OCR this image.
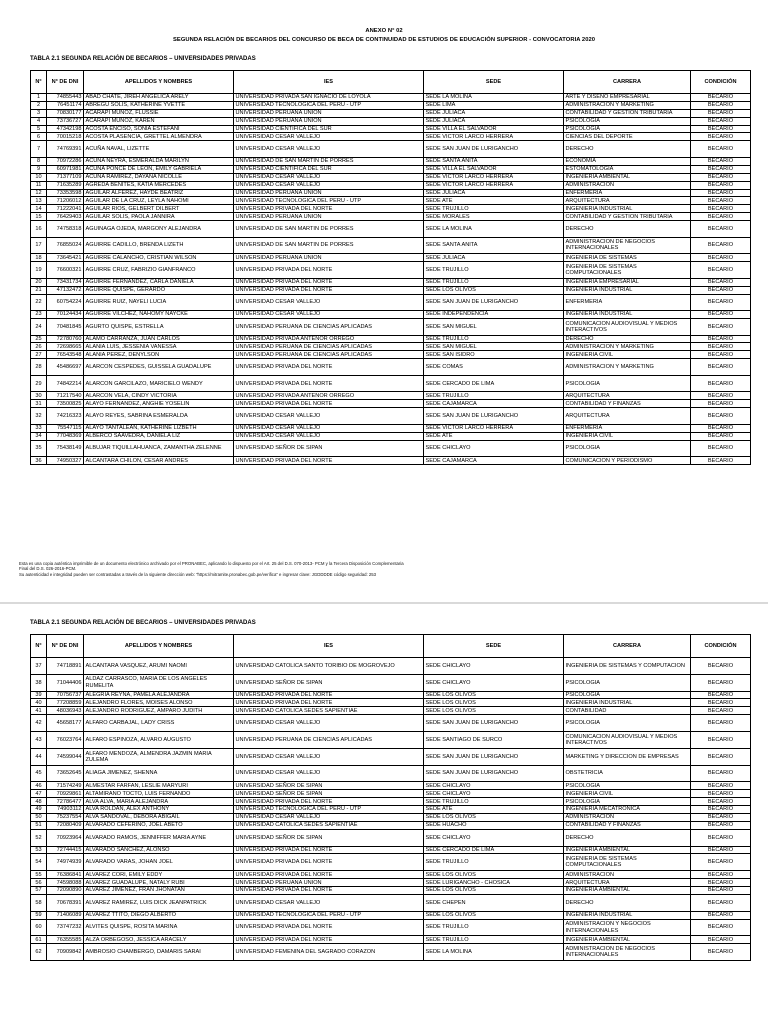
ANEXO N° 02
SEGUNDA RELACIÓN DE BECARIOS DEL CONCURSO DE BECA DE CONTINUIDAD DE ESTUDIOS DE EDUCACIÓN SUPERIOR - CONVOCATORIA 2020
TABLA 2.1 SEGUNDA RELACIÓN DE BECARIOS – UNIVERSIDADES PRIVADAS
N°	N° DE DNI	APELLIDOS Y NOMBRES	IES	SEDE	CARRERA	CONDICIÓN
1	74855443	ABAD CHATE, JIREH ANGELICA ARELY	UNIVERSIDAD PRIVADA SAN IGNACIO DE LOYOLA	SEDE LA MOLINA	ARTE Y DISEÑO EMPRESARIAL	BECARIO
2	76451174	ABREGU SOLIS, KATHERINE YVETTE	UNIVERSIDAD TECNOLOGICA DEL PERU - UTP	SEDE LIMA	ADMINISTRACION Y MARKETING	BECARIO
3	70830177	ACARAPI MUÑOZ, FLUSSIE	UNIVERSIDAD PERUANA UNION	SEDE JULIACA	CONTABILIDAD Y GESTION TRIBUTARIA	BECARIO
4	73736727	ACARAPI MUÑOZ, KAREN	UNIVERSIDAD PERUANA UNION	SEDE JULIACA	PSICOLOGIA	BECARIO
5	47342198	ACOSTA ENCISO, SONIA ESTEFANI	UNIVERSIDAD CIENTIFICA DEL SUR	SEDE VILLA EL SALVADOR	PSICOLOGIA	BECARIO
6	70015218	ACOSTA PLASENCIA, GRETTEL ALMENDRA	UNIVERSIDAD CESAR VALLEJO	SEDE VICTOR LARCO HERRERA	CIENCIAS DEL DEPORTE	BECARIO
7	74769391	ACUÑA NAVAL, LIZETTE	UNIVERSIDAD CESAR VALLEJO	SEDE SAN JUAN DE LURIGANCHO	DERECHO	BECARIO
8	70972286	ACUÑA NEYRA, ESMERALDA MARILYN	UNIVERSIDAD DE SAN MARTIN DE PORRES	SEDE SANTA ANITA	ECONOMIA	BECARIO
9	60971981	ACUÑA PONCE DE LEON, EMILY GABRIELA	UNIVERSIDAD CIENTIFICA DEL SUR	SEDE VILLA EL SALVADOR	ESTOMATOLOGIA	BECARIO
10	71377109	ACUÑA RAMIREZ, DAYANA NICOLLE	UNIVERSIDAD CESAR VALLEJO	SEDE VICTOR LARCO HERRERA	INGENIERIA AMBIENTAL	BECARIO
11	71635289	AGREDA BENITES, KATIA MERCEDES	UNIVERSIDAD CESAR VALLEJO	SEDE VICTOR LARCO HERRERA	ADMINISTRACION	BECARIO
12	73353598	AGUILAR ALFÉREZ, HAYDÉ BEATRIZ	UNIVERSIDAD PERUANA UNION	SEDE JULIACA	ENFERMERIA	BECARIO
13	71206012	AGUILAR DE LA CRUZ, LEYLA NAHOMI	UNIVERSIDAD TECNOLOGICA DEL PERU - UTP	SEDE ATE	ARQUITECTURA	BECARIO
14	71222041	AGUILAR RIOS, GELBERT DILBERT	UNIVERSIDAD PRIVADA DEL NORTE	SEDE TRUJILLO	INGENIERIA INDUSTRIAL	BECARIO
15	76429403	AGUILAR SOLIS, PAOLA JANNIRA	UNIVERSIDAD PERUANA UNION	SEDE MORALES	CONTABILIDAD Y GESTION TRIBUTARIA	BECARIO
16	74758318	AGUINAGA OJEDA, MARGONY ALEJANDRA	UNIVERSIDAD DE SAN MARTIN DE PORRES	SEDE LA MOLINA	DERECHO	BECARIO
17	76855024	AGUIRRE CADILLO, BRENDA LIZETH	UNIVERSIDAD DE SAN MARTIN DE PORRES	SEDE SANTA ANITA	ADMINISTRACION DE NEGOCIOS INTERNACIONALES	BECARIO
18	73645421	AGUIRRE CALANCHO, CRISTIAN WILSON	UNIVERSIDAD PERUANA UNION	SEDE JULIACA	INGENIERIA DE SISTEMAS	BECARIO
19	76600321	AGUIRRE CRUZ, FABRIZIO GIANFRANCO	UNIVERSIDAD PRIVADA DEL NORTE	SEDE TRUJILLO	INGENIERIA DE SISTEMAS COMPUTACIONALES	BECARIO
20	73431734	AGUIRRE FERNANDEZ, CARLA DANIELA	UNIVERSIDAD PRIVADA DEL NORTE	SEDE TRUJILLO	INGENIERIA EMPRESARIAL	BECARIO
21	47132472	AGUIRRE QUISPE, GERARDO	UNIVERSIDAD PRIVADA DEL NORTE	SEDE LOS OLIVOS	INGENIERIA INDUSTRIAL	BECARIO
22	60754224	AGUIRRE RUIZ, NAYELI LUCIA	UNIVERSIDAD CESAR VALLEJO	SEDE SAN JUAN DE LURIGANCHO	ENFERMERIA	BECARIO
23	70124434	AGUIRRE VILCHEZ, NAHOMY NAYCKE	UNIVERSIDAD CESAR VALLEJO	SEDE INDEPENDENCIA	INGENIERIA INDUSTRIAL	BECARIO
24	70481845	AGURTO QUISPE, ESTRELLA	UNIVERSIDAD PERUANA DE CIENCIAS APLICADAS	SEDE SAN MIGUEL	COMUNICACION AUDIOVISUAL Y MEDIOS INTERACTIVOS	BECARIO
25	72780760	ALAMO CARRANZA, JUAN CARLOS	UNIVERSIDAD PRIVADA ANTENOR ORREGO	SEDE TRUJILLO	DERECHO	BECARIO
26	72698665	ALANIA LUIS, JESSENIA VANESSA	UNIVERSIDAD PERUANA DE CIENCIAS APLICADAS	SEDE SAN MIGUEL	ADMINISTRACION Y MARKETING	BECARIO
27	76543548	ALANIA PEREZ, DENYLSON	UNIVERSIDAD PERUANA DE CIENCIAS APLICADAS	SEDE SAN ISIDRO	INGENIERIA CIVIL	BECARIO
28	45486697	ALARCON CESPEDES, GUISSELA GUADALUPE	UNIVERSIDAD PRIVADA DEL NORTE	SEDE COMAS	ADMINISTRACION Y MARKETING	BECARIO
29	74842214	ALARCON GARCILAZO, MARICIELO WENDY	UNIVERSIDAD PRIVADA DEL NORTE	SEDE CERCADO DE LIMA	PSICOLOGIA	BECARIO
30	71217540	ALARCON VELA, CINDY VICTORIA	UNIVERSIDAD PRIVADA ANTENOR ORREGO	SEDE TRUJILLO	ARQUITECTURA	BECARIO
31	73500825	ALAYO FERNANDEZ, ANGHIE YOSELIN	UNIVERSIDAD PRIVADA DEL NORTE	SEDE CAJAMARCA	CONTABILIDAD Y FINANZAS	BECARIO
32	74216323	ALAYO REYES, SABRINA ESMERALDA	UNIVERSIDAD CESAR VALLEJO	SEDE SAN JUAN DE LURIGANCHO	ARQUITECTURA	BECARIO
33	75547115	ALAYO TANTALEAN, KATHERINE LIZBETH	UNIVERSIDAD CESAR VALLEJO	SEDE VICTOR LARCO HERRERA	ENFERMERIA	BECARIO
34	77048369	ALBERCO SAAVEDRA, DANIELA LIZ	UNIVERSIDAD CESAR VALLEJO	SEDE ATE	INGENIERIA CIVIL	BECARIO
35	75438149	ALBUJAR TIQUILLAHUANCA, ZAMANTHA ZELENNE	UNIVERSIDAD SEÑOR DE SIPAN	SEDE CHICLAYO	PSICOLOGIA	BECARIO
36	74950327	ALCANTARA CHILON, CESAR ANDRES	UNIVERSIDAD PRIVADA DEL NORTE	SEDE CAJAMARCA	COMUNICACION Y PERIODISMO	BECARIO
Esta es una copia auténtica imprimible de un documento electrónico archivado por el PRONABEC, aplicando lo dispuesto por el Art. 25 del D.S. 070-2013- PCM y la Tercera Disposición Complementaria
Final del D.S. 026-2016-PCM.
Su autenticidad e integridad pueden ser contrastadas a través de la siguiente dirección web: "https://mitramite.pronabec.gob.pe/verifica" e ingresar clave: JGDDDDE código seguridad: 253
TABLA 2.1 SEGUNDA RELACIÓN DE BECARIOS – UNIVERSIDADES PRIVADAS
N°	N° DE DNI	APELLIDOS Y NOMBRES	IES	SEDE	CARRERA	CONDICIÓN
37	74718891	ALCANTARA VASQUEZ, ARUMI NAOMI	UNIVERSIDAD CATOLICA SANTO TORIBIO DE MOGROVEJO	SEDE CHICLAYO	INGENIERIA DE SISTEMAS Y COMPUTACION	BECARIO
38	71044406	ALDAZ CARRASCO, MARIA DE LOS ANGELES RUMELITA	UNIVERSIDAD SEÑOR DE SIPAN	SEDE CHICLAYO	PSICOLOGIA	BECARIO
39	70756737	ALEGRIA REYNA, PAMELA ALEJANDRA	UNIVERSIDAD PRIVADA DEL NORTE	SEDE LOS OLIVOS	PSICOLOGIA	BECARIO
40	77208859	ALEJANDRO FLORES, MOISES ALONSO	UNIVERSIDAD PRIVADA DEL NORTE	SEDE LOS OLIVOS	INGENIERIA INDUSTRIAL	BECARIO
41	48036943	ALEJANDRO RODRIGUEZ, AMPARO JUDITH	UNIVERSIDAD CATOLICA SEDES SAPIENTIAE	SEDE LOS OLIVOS	CONTABILIDAD	BECARIO
42	45658177	ALFARO CARBAJAL, LADY CRISS	UNIVERSIDAD CESAR VALLEJO	SEDE SAN JUAN DE LURIGANCHO	PSICOLOGIA	BECARIO
43	76023764	ALFARO ESPINOZA, ALVARO AUGUSTO	UNIVERSIDAD PERUANA DE CIENCIAS APLICADAS	SEDE SANTIAGO DE SURCO	COMUNICACION AUDIOVISUAL Y MEDIOS INTERACTIVOS	BECARIO
44	74599044	ALFARO MENDOZA, ALMENDRA JAZMIN MARIA ZULEMA	UNIVERSIDAD CESAR VALLEJO	SEDE SAN JUAN DE LURIGANCHO	MARKETING Y DIRECCION DE EMPRESAS	BECARIO
45	73652645	ALIAGA JIMENEZ, SHENNA	UNIVERSIDAD CESAR VALLEJO	SEDE SAN JUAN DE LURIGANCHO	OBSTETRICIA	BECARIO
46	71574249	ALMESTAR FARFAN, LESLIE MARYURI	UNIVERSIDAD SEÑOR DE SIPAN	SEDE CHICLAYO	PSICOLOGIA	BECARIO
47	70929861	ALTAMIRANO TOCTO, LUIS FERNANDO	UNIVERSIDAD SEÑOR DE SIPAN	SEDE CHICLAYO	INGENIERIA CIVIL	BECARIO
48	72786477	ALVA ALVA, MARIA ALEJANDRA	UNIVERSIDAD PRIVADA DEL NORTE	SEDE TRUJILLO	PSICOLOGIA	BECARIO
49	74903112	ALVA ROLDAN, ALEX ANTHONY	UNIVERSIDAD TECNOLOGICA DEL PERU - UTP	SEDE ATE	INGENIERIA MECATRONICA	BECARIO
50	75237554	ALVA SANDOVAL, DEBORA ABIGAIL	UNIVERSIDAD CESAR VALLEJO	SEDE LOS OLIVOS	ADMINISTRACION	BECARIO
51	72080409	ALVARADO CEFERINO, JOEL ABETO	UNIVERSIDAD CATOLICA SEDES SAPIENTIAE	SEDE HUACHO	CONTABILIDAD Y FINANZAS	BECARIO
52	70923964	ALVARADO RAMOS, JENNIFFER MARIA AYNE	UNIVERSIDAD SEÑOR DE SIPAN	SEDE CHICLAYO	DERECHO	BECARIO
53	72744415	ALVARADO SANCHEZ, ALONSO	UNIVERSIDAD PRIVADA DEL NORTE	SEDE CERCADO DE LIMA	INGENIERIA AMBIENTAL	BECARIO
54	74974939	ALVARADO VARAS, JOHAN JOEL	UNIVERSIDAD PRIVADA DEL NORTE	SEDE TRUJILLO	INGENIERIA DE SISTEMAS COMPUTACIONALES	BECARIO
55	76386841	ALVAREZ CORI, EMILY EDDY	UNIVERSIDAD PRIVADA DEL NORTE	SEDE LOS OLIVOS	ADMINISTRACION	BECARIO
56	74598088	ALVAREZ GUADALUPE, NATALY RUBI	UNIVERSIDAD PERUANA UNION	SEDE LURIGANCHO - CHOSICA	ARQUITECTURA	BECARIO
57	72090890	ALVAREZ JIMENEZ, FRAN JHONATAN	UNIVERSIDAD PRIVADA DEL NORTE	SEDE LOS OLIVOS	INGENIERIA AMBIENTAL	BECARIO
58	70678391	ALVAREZ RAMIREZ, LUIS DICK JEANPATRICK	UNIVERSIDAD CESAR VALLEJO	SEDE CHEPEN	DERECHO	BECARIO
59	71406089	ALVAREZ TTITO, DIEGO ALBERTO	UNIVERSIDAD TECNOLOGICA DEL PERU - UTP	SEDE LOS OLIVOS	INGENIERIA INDUSTRIAL	BECARIO
60	73747232	ALVITES QUISPE, ROSITA MARINA	UNIVERSIDAD PRIVADA DEL NORTE	SEDE TRUJILLO	ADMINISTRACION Y NEGOCIOS INTERNACIONALES	BECARIO
61	76355585	ALZA ORBEGOSO, JESSICA ARACELY	UNIVERSIDAD PRIVADA DEL NORTE	SEDE TRUJILLO	INGENIERIA AMBIENTAL	BECARIO
62	70909842	AMBROSIO CHAMBERGO, DAMARIS SARAI	UNIVERSIDAD FEMENINA DEL SAGRADO CORAZON	SEDE LA MOLINA	ADMINISTRACION DE NEGOCIOS INTERNACIONALES	BECARIO
